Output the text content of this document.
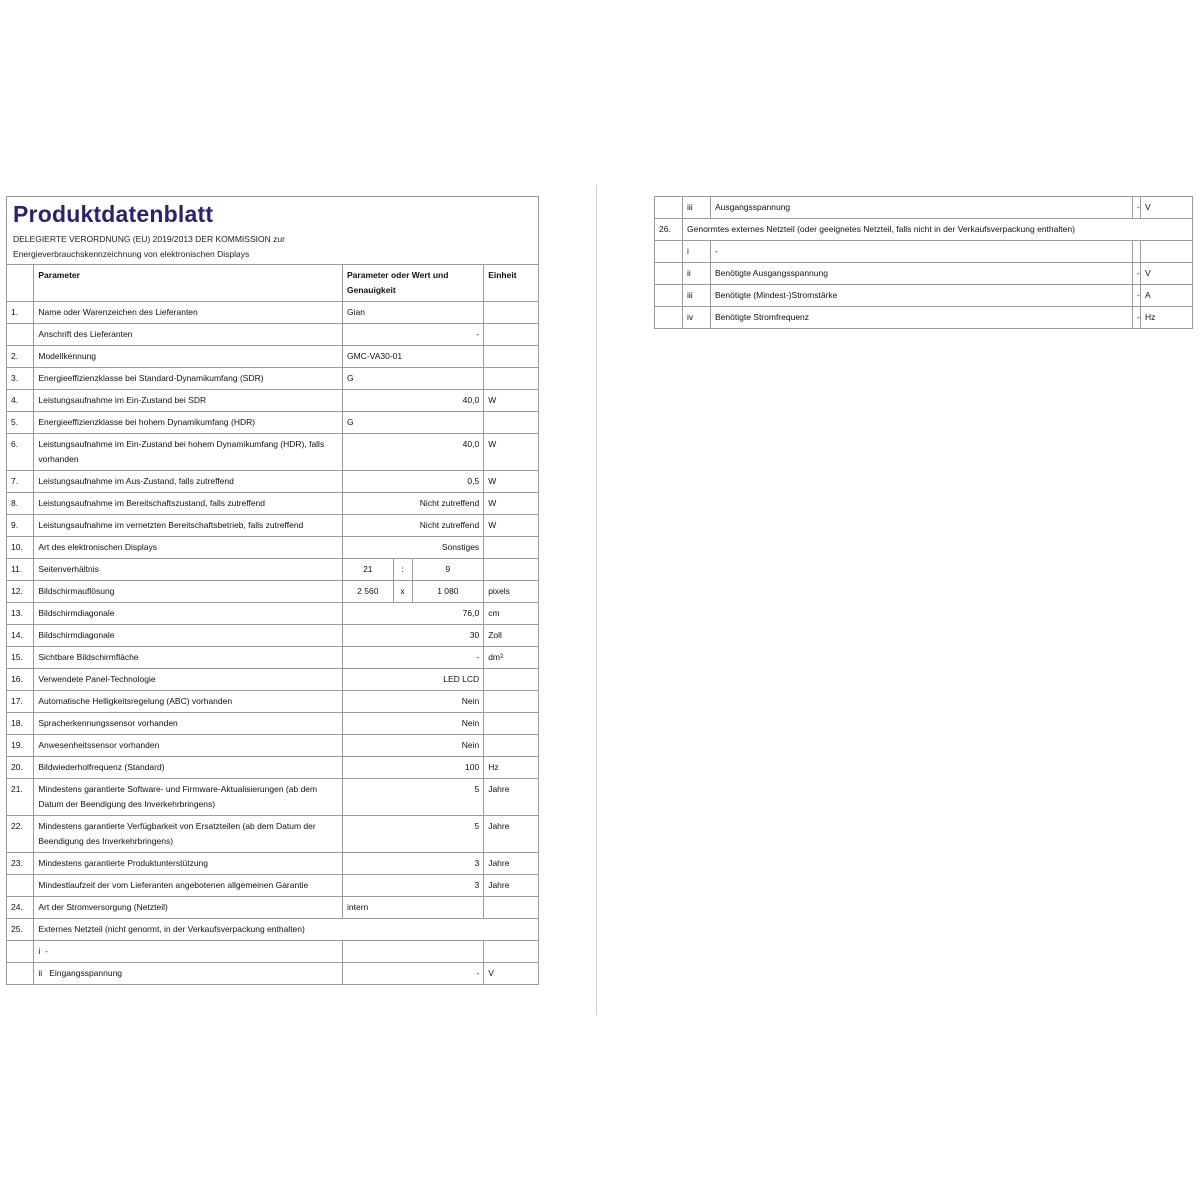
Produktdatenblatt
DELEGIERTE VERORDNUNG (EU) 2019/2013 DER KOMMISSION zur
Energieverbrauchskennzeichnung von elektronischen Displays
	Parameter	Parameter oder Wert und Genauigkeit			Einheit
1.	Name oder Warenzeichen des Lieferanten	Gian			
	Anschrift des Lieferanten	-			
2.	Modellkennung	GMC-VA30-01			
3.	Energieeffizienzklasse bei Standard-Dynamikumfang (SDR)	G			
4.	Leistungsaufnahme im Ein-Zustand bei SDR	40,0			W
5.	Energieeffizienzklasse bei hohem Dynamikumfang (HDR)	G			
6.	Leistungsaufnahme im Ein-Zustand bei hohem Dynamikumfang (HDR), falls vorhanden	40,0			W
7.	Leistungsaufnahme im Aus-Zustand, falls zutreffend	0,5			W
8.	Leistungsaufnahme im Bereitschaftszustand, falls zutreffend	Nicht zutreffend			W
9.	Leistungsaufnahme im vernetzten Bereitschaftsbetrieb, falls zutreffend	Nicht zutreffend			W
10.	Art des elektronischen Displays	Sonstiges			
11.	Seitenverhältnis	21	:	9	
12.	Bildschirmauflösung	2 560	x	1 080	pixels
13.	Bildschirmdiagonale	76,0			cm
14.	Bildschirmdiagonale	30			Zoll
15.	Sichtbare Bildschirmfläche	-			$dm^2$
16.	Verwendete Panel-Technologie	LED LCD			
17.	Automatische Helligkeitsregelung (ABC) vorhanden	Nein			
18.	Spracherkennungssensor vorhanden	Nein			
19.	Anwesenheitssensor vorhanden	Nein			
20.	Bildwiederholfrequenz (Standard)	100			Hz
21.	Mindestens garantierte Software- und Firmware-Aktualisierungen (ab dem Datum der Beendigung des Inverkehrbringens)	5			Jahre
22.	Mindestens garantierte Verfügbarkeit von Ersatzteilen (ab dem Datum der Beendigung des Inverkehrbringens)	5			Jahre
23.	Mindestens garantierte Produktunterstützung	3			Jahre
	Mindestlaufzeit der vom Lieferanten angebotenen allgemeinen Garantie	3			Jahre
24.	Art der Stromversorgung (Netzteil)	intern			
25.	Externes Netzteil (nicht genormt, in der Verkaufsverpackung enthalten)				
	i -				
	ii Eingangsspannung	-			V
	iii	Ausgangsspannung	-	V
26.	Genormtes externes Netzteil (oder geeignetes Netzteil, falls nicht in der Verkaufsverpackung enthalten)			
	i	-		
	ii	Benötigte Ausgangsspannung	-	V
	iii	Benötigte (Mindest-)Stromstärke	-	A
	iv	Benötigte Stromfrequenz	-	Hz
